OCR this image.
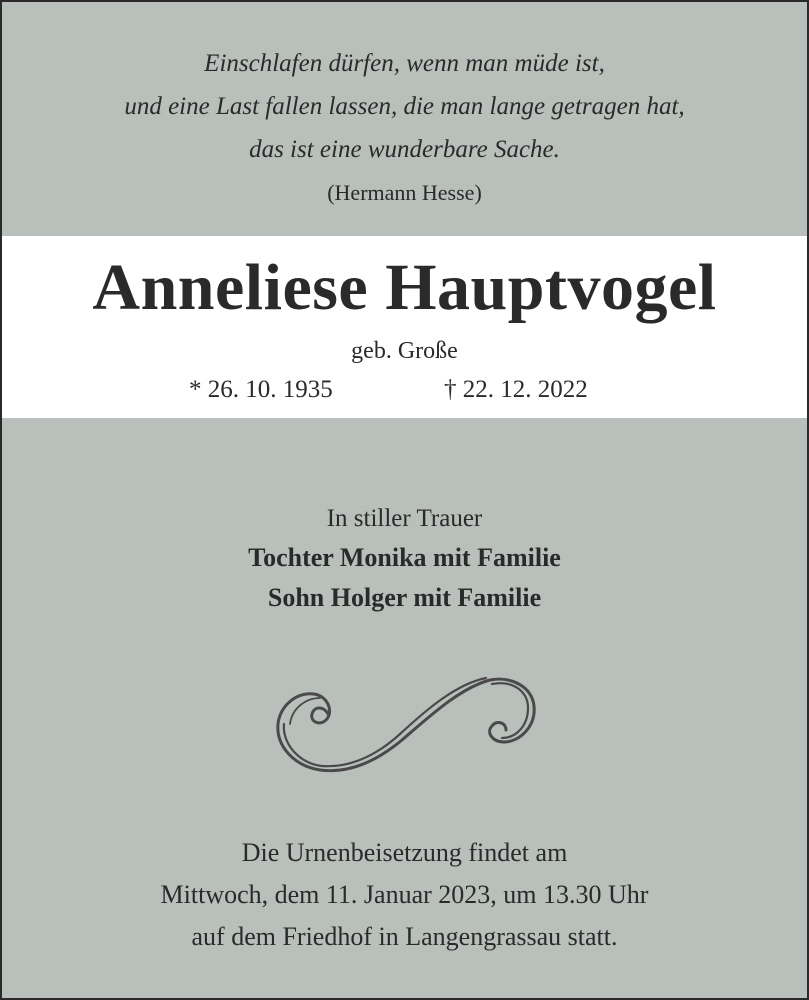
Einschlafen dürfen, wenn man müde ist,
und eine Last fallen lassen, die man lange getragen hat,
das ist eine wunderbare Sache.
(Hermann Hesse)
Anneliese Hauptvogel
geb. Große
* 26. 10. 1935	† 22. 12. 2022
In stiller Trauer
Tochter Monika mit Familie
Sohn Holger mit Familie
Die Urnenbeisetzung findet am
Mittwoch, dem 11. Januar 2023, um 13.30 Uhr
auf dem Friedhof in Langengrassau statt.
